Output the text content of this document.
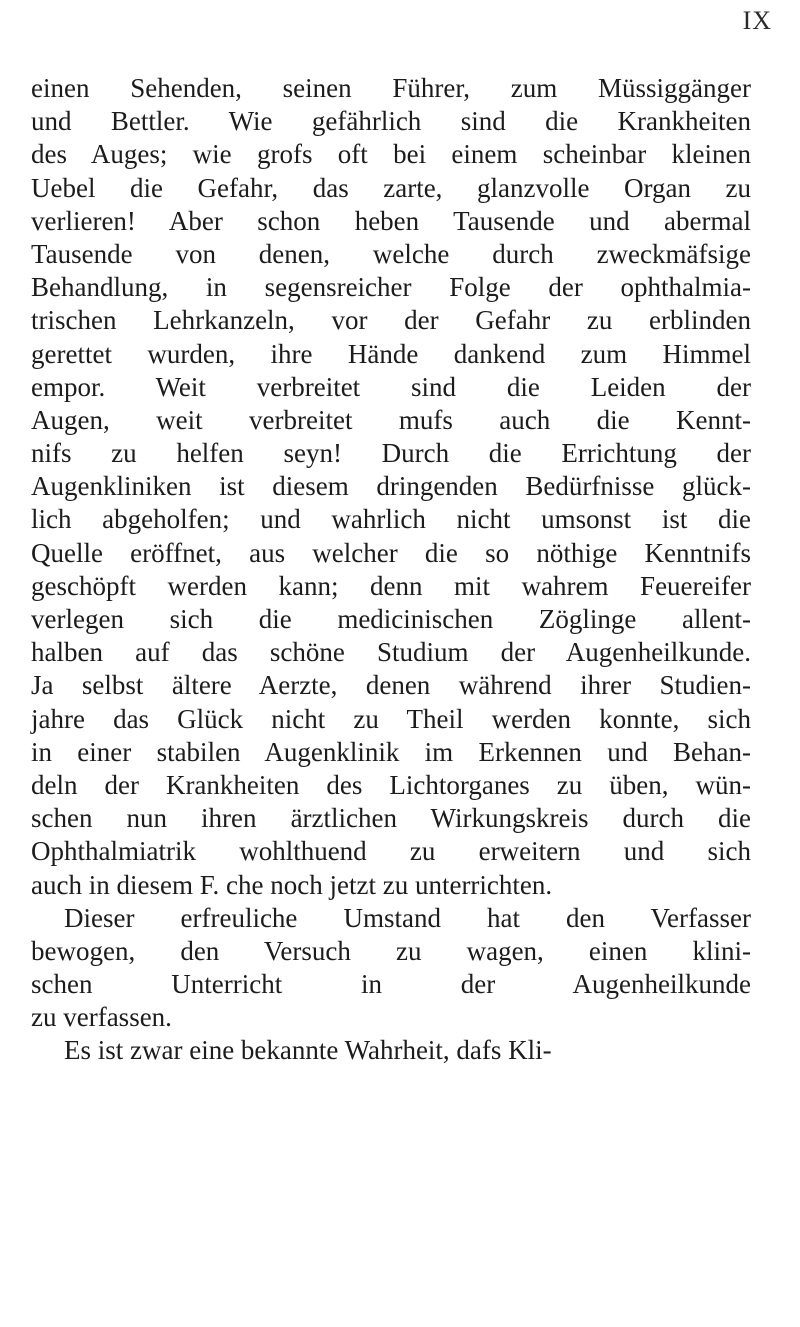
IX
einen Sehenden, seinen Führer, zum Müssiggänger
und Bettler. Wie gefährlich sind die Krankheiten
des Auges; wie grofs oft bei einem scheinbar kleinen
Uebel die Gefahr, das zarte, glanzvolle Organ zu
verlieren! Aber schon heben Tausende und abermal
Tausende von denen, welche durch zweckmäfsige
Behandlung, in segensreicher Folge der ophthalmia-
trischen Lehrkanzeln, vor der Gefahr zu erblinden
gerettet wurden, ihre Hände dankend zum Himmel
empor. Weit verbreitet sind die Leiden der
Augen, weit verbreitet mufs auch die Kennt-
nifs zu helfen seyn! Durch die Errichtung der
Augenkliniken ist diesem dringenden Bedürfnisse glück-
lich abgeholfen; und wahrlich nicht umsonst ist die
Quelle eröffnet, aus welcher die so nöthige Kenntnifs
geschöpft werden kann; denn mit wahrem Feuereifer
verlegen sich die medicinischen Zöglinge allent-
halben auf das schöne Studium der Augenheilkunde.
Ja selbst ältere Aerzte, denen während ihrer Studien-
jahre das Glück nicht zu Theil werden konnte, sich
in einer stabilen Augenklinik im Erkennen und Behan-
deln der Krankheiten des Lichtorganes zu üben, wün-
schen nun ihren ärztlichen Wirkungskreis durch die
Ophthalmiatrik wohlthuend zu erweitern und sich
auch in diesem F. che noch jetzt zu unterrichten.
Dieser erfreuliche Umstand hat den Verfasser
bewogen, den Versuch zu wagen, einen klini-
schen Unterricht in der Augenheilkunde
zu verfassen.
Es ist zwar eine bekannte Wahrheit, dafs Kli-
